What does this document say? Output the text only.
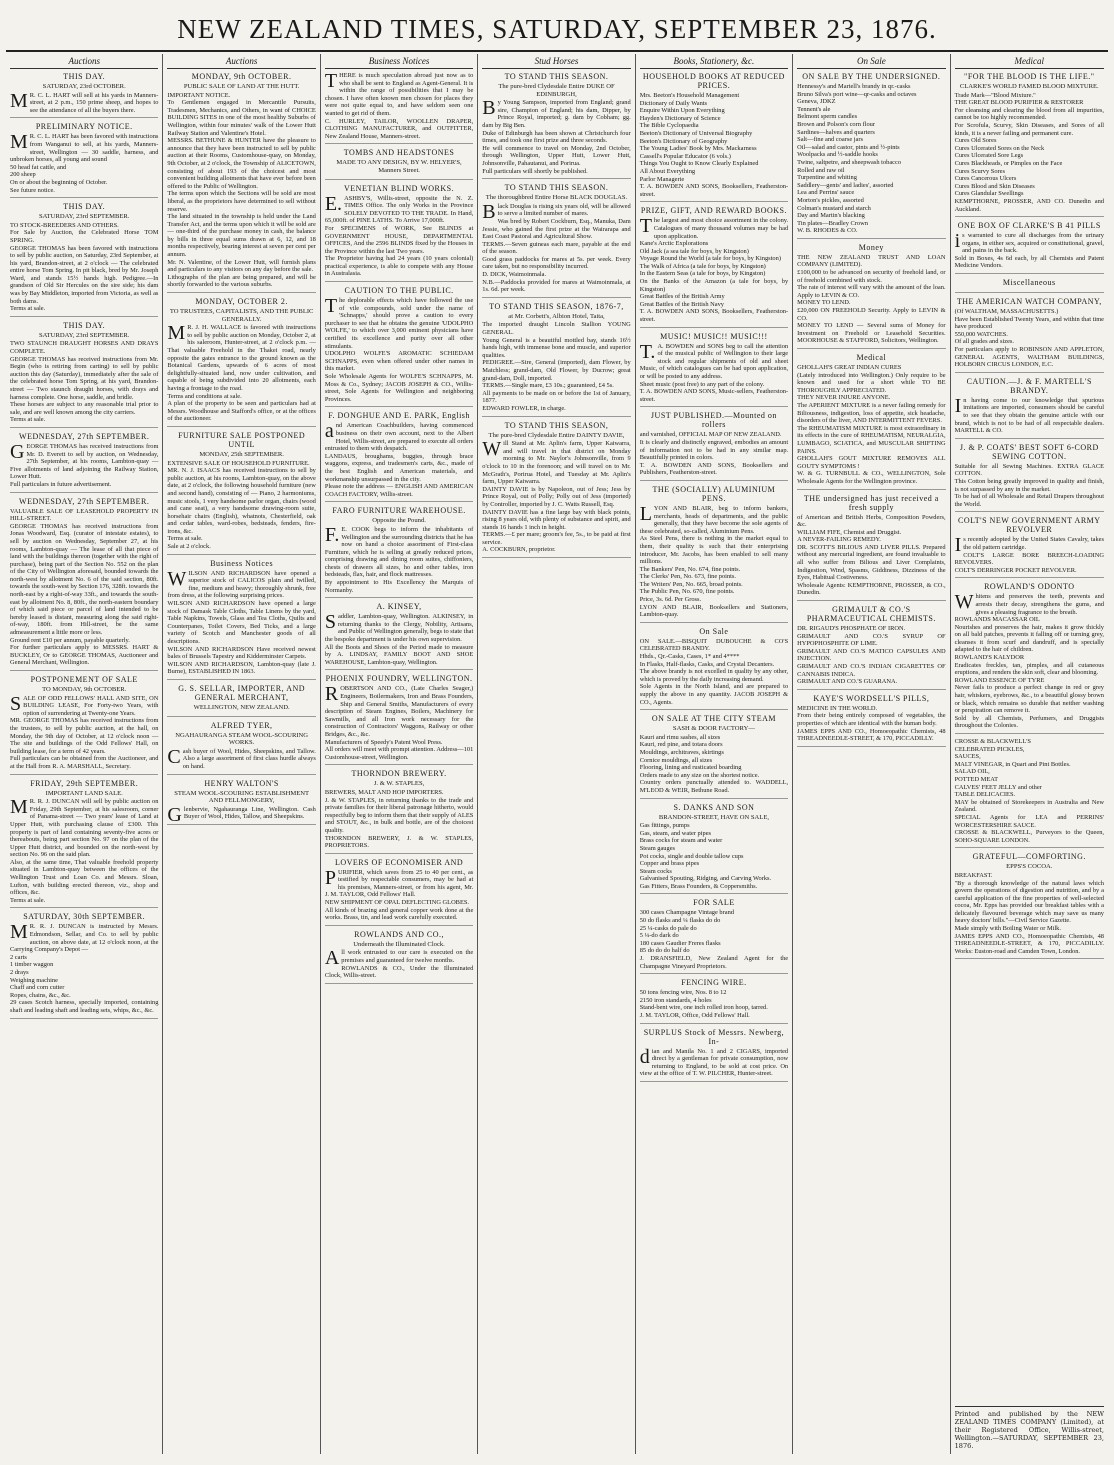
NEW ZEALAND TIMES, SATURDAY, SEPTEMBER 23, 1876.
Auctions
THIS DAY.
SATURDAY, 23rd OCTOBER.
MR. C. L. HART will sell at his yards in Manners-street, at 2 p.m., 150 prime sheep, and hopes to see the attendance of all the buyers there.
PRELIMINARY NOTICE.
MR. C. L. HART has been favored with instructions from Wanganui to sell, at his yards, Manners-street, Wellington — 30 saddle, harness, and unbroken horses, all young and sound
50 head fat cattle, and
200 sheep
On or about the beginning of October.
See future notice.
THIS DAY.
SATURDAY, 23rd SEPTEMBER.
TO STOCK-BREEDERS AND OTHERS.
For Sale by Auction, the Celebrated Horse TOM SPRING.
GEORGE THOMAS has been favored with instructions to sell by public auction, on Saturday, 23rd September, at his yard, Brandon-street, at 2 o'clock — The celebrated entire horse Tom Spring. In pit black, bred by Mr. Joseph Ward, and stands 15½ hands high. Pedigree.—In grandson of Old Sir Hercules on the sire side; his dam was by Bay Middleton, imported from Victoria, as well as both dams.
Terms at sale.
THIS DAY.
SATURDAY, 23rd SEPTEMBER.
TWO STAUNCH DRAUGHT HORSES AND DRAYS COMPLETE.
GEORGE THOMAS has received instructions from Mr. Begin (who is retiring from carting) to sell by public auction this day (Saturday), immediately after the sale of the celebrated horse Tom Spring, at his yard, Brandon-street — Two staunch draught horses, with drays and harness complete. One horse, saddle, and bridle.
These horses are subject to any reasonable trial prior to sale, and are well known among the city carriers.
Terms at sale.
WEDNESDAY, 27th SEPTEMBER.
GEORGE THOMAS has received instructions from Mr. D. Everett to sell by auction, on Wednesday, 27th September, at his rooms, Lambton-quay — Five allotments of land adjoining the Railway Station, Lower Hutt.
Full particulars in future advertisement.
WEDNESDAY, 27th SEPTEMBER.
VALUABLE SALE OF LEASEHOLD PROPERTY IN HILL-STREET.
GEORGE THOMAS has received instructions from Jonas Woodward, Esq. (curator of intestate estates), to sell by auction on Wednesday, September 27, at his rooms, Lambton-quay — The lease of all that piece of land with the buildings thereon (together with the right of purchase), being part of the Section No. 552 on the plan of the City of Wellington aforesaid, bounded towards the north-west by allotment No. 6 of the said section, 80ft. towards the south-west by Section 176, 328ft. towards the north-east by a right-of-way 33ft., and towards the south-east by allotment No. 8, 80ft., the north-eastern boundary of which said piece or parcel of land intended to be hereby leased is distant, measuring along the said right-of-way, 180ft. from Hill-street, be the same admeasurement a little more or less.
Ground rent £10 per annum, payable quarterly.
For further particulars apply to MESSRS. HART & BUCKLEY, Or to GEORGE THOMAS, Auctioneer and General Merchant, Wellington.
POSTPONEMENT OF SALE
TO MONDAY, 9th OCTOBER.
SALE OF ODD FELLOWS' HALL AND SITE, ON BUILDING LEASE, For Forty-two Years, with option of surrendering at Twenty-one Years.
MR. GEORGE THOMAS has received instructions from the trustees, to sell by public auction, at the hall, on Monday, the 9th day of October, at 12 o'clock noon — The site and buildings of the Odd Fellows' Hall, on building lease, for a term of 42 years.
Full particulars can be obtained from the Auctioneer, and at the Hall from R. A. MARSHALL, Secretary.
FRIDAY, 29th SEPTEMBER.
IMPORTANT LAND SALE.
MR. R. J. DUNCAN will sell by public auction on Friday, 29th September, at his salesroom, corner of Panama-street — Two years' lease of Land at Upper Hutt, with purchasing clause of £300. This property is part of land containing seventy-five acres or thereabouts, being part section No. 97 on the plan of the Upper Hutt district, and bounded on the north-west by section No. 96 on the said plan.
Also, at the same time, That valuable freehold property situated in Lambton-quay between the offices of the Wellington Trust and Loan Co. and Messrs. Sloan, Lufton, with building erected thereon, viz., shop and offices, &c.
Terms at sale.
SATURDAY, 30th SEPTEMBER.
MR. R. J. DUNCAN is instructed by Messrs. Edmondson, Sellar, and Co. to sell by public auction, on above date, at 12 o'clock noon, at the Carrying Company's Depot —
2 carts
1 timber waggon
2 drays
Weighing machine
Chaff and corn cutter
Ropes, chains, &c., &c.
29 cases Scotch harness, specially imported, containing shaft and leading shaft and leading sets, whips, &c., &c.
Auctions
MONDAY, 9th OCTOBER.
PUBLIC SALE OF LAND AT THE HUTT.
IMPORTANT NOTICE.
To Gentlemen engaged in Mercantile Pursuits, Tradesmen, Mechanics, and Others, in want of CHOICE BUILDING SITES in one of the most healthy Suburbs of Wellington, within four minutes' walk of the Lower Hutt Railway Station and Valentine's Hotel.
MESSRS. BETHUNE & HUNTER have the pleasure to announce that they have been instructed to sell by public auction at their Rooms, Customhouse-quay, on Monday, 9th October, at 2 o'clock, the Township of ALICETOWN, consisting of about 193 of the choicest and most convenient building allotments that have ever before been offered to the Public of Wellington.
The terms upon which the Sections will be sold are most liberal, as the proprietors have determined to sell without reserve.
The land situated in the township is held under the Land Transfer Act, and the terms upon which it will be sold are — one-third of the purchase money in cash, the balance by bills in three equal sums drawn at 6, 12, and 18 months respectively, bearing interest at seven per cent per annum.
Mr. N. Valentine, of the Lower Hutt, will furnish plans and particulars to any visitors on any day before the sale.
Lithographs of the plan are being prepared, and will be shortly forwarded to the various suburbs.
MONDAY, OCTOBER 2.
TO TRUSTEES, CAPITALISTS, AND THE PUBLIC GENERALLY.
MR. J. H. WALLACE is favored with instructions to sell by public auction on Monday, October 2, at his saleroom, Hunter-street, at 2 o'clock p.m. — That valuable Freehold in the Thakei road, nearly opposite the gates entrance to the ground known as the Botanical Gardens, upwards of 6 acres of most delightfully-situated land, now under cultivation, and capable of being subdivided into 20 allotments, each having a frontage to the road.
Terms and conditions at sale.
A plan of the property to be seen and particulars had at Messrs. Woodhouse and Stafford's office, or at the offices of the auctioneer.
FURNITURE SALE POSTPONED UNTIL
MONDAY, 25th SEPTEMBER.
EXTENSIVE SALE OF HOUSEHOLD FURNITURE.
MR. N. J. ISAACS has received instructions to sell by public auction, at his rooms, Lambton-quay, on the above date, at 2 o'clock, the following household furniture (new and second hand), consisting of — Piano, 2 harmoniums, music stools, 1 very handsome parlor organ, chairs (wood and cane seat), a very handsome drawing-room suite, horsehair chairs (English), whatnots, Chesterfield, oak and cedar tables, ward-robes, bedsteads, fenders, fire-irons, &c.
Terms at sale.
Sale at 2 o'clock.
Business Notices
WILSON AND RICHARDSON have opened a superior stock of CALICOS plain and twilled, fine, medium and heavy; thoroughly shrunk, free from dress, at the following surprising prices.
WILSON AND RICHARDSON have opened a large stock of Damask Table Cloths, Table Linens by the yard, Table Napkins, Towels, Glass and Tea Cloths, Quilts and Counterpanes, Toilet Covers, Bed Ticks, and a large variety of Scotch and Manchester goods of all descriptions.
WILSON AND RICHARDSON Have received newest bales of Brussels Tapestry and Kidderminster Carpets.
WILSON AND RICHARDSON, Lambton-quay (late J. Burne), ESTABLISHED IN 1863.
G. S. SELLAR, IMPORTER, AND GENERAL MERCHANT,
WELLINGTON, NEW ZEALAND.
ALFRED TYER,
NGAHAURANGA STEAM WOOL-SCOURING WORKS.
Cash buyer of Wool, Hides, Sheepskins, and Tallow. Also a large assortment of first class hurdle always on hand.
HENRY WALTON'S
STEAM WOOL-SCOURING ESTABLISHMENT AND FELLMONGERY,
Glenbervie, Ngahauranga Line, Wellington. Cash Buyer of Wool, Hides, Tallow, and Sheepskins.
Business Notices
THERE is much speculation abroad just now as to who shall be sent to England as Agent-General. It is within the range of possibilities that I may be chosen. I have often known men chosen for places they were not quite equal to, and have seldom seen one wanted to get rid of them.
C. HURLEY, TAILOR, WOOLLEN DRAPER, CLOTHING MANUFACTURER, and OUTFITTER, New Zealand House, Manners-street.
TOMBS AND HEADSTONES
MADE TO ANY DESIGN, BY W. HELYER'S, Manners Street.
VENETIAN BLIND WORKS.
E.ASHBY'S, Willis-street, opposite the N. Z. TIMES Office. The only Works in the Province SOLELY DEVOTED TO THE TRADE. In Hand, 65,000ft. of PINE LATHS. To Arrive 17,000ft.
For SPECIMENS of WORK, See BLINDS at GOVERNMENT HOUSE, DEPARTMENTAL OFFICES, And the 2596 BLINDS fixed by the Houses in the Province within the last Two years.
The Proprietor having had 24 years (10 years colonial) practical experience, is able to compete with any House in Australasia.
CAUTION TO THE PUBLIC.
The deplorable effects which have followed the use of vile compounds, sold under the name of 'Schnapps,' should prove a caution to every purchaser to see that he obtains the genuine 'UDOLPHO WOLFE,' to which over 3,000 eminent physicians have certified its excellence and purity over all other stimulants.
UDOLPHO WOLFE'S AROMATIC SCHIEDAM SCHNAPPS, even when offered under other names in this market.
Sole Wholesale Agents for WOLFE'S SCHNAPPS, M. Moss & Co., Sydney; JACOB JOSEPH & CO., Willis-street, Sole Agents for Wellington and neighboring Provinces.
F. DONGHUE AND E. PARK, English
and American Coachbuilders, having commenced business on their own account, next to the Albert Hotel, Willis-street, are prepared to execute all orders entrusted to them with despatch.
LANDAUS, broughams, buggies, through brace waggons, express, and tradesmen's carts, &c., made of the best English and American materials, and workmanship unsurpassed in the city.
Please note the address — ENGLISH AND AMERICAN COACH FACTORY, Willis-street.
FARO FURNITURE WAREHOUSE.
Opposite the Pound.
F.E. COOK begs to inform the inhabitants of Wellington and the surrounding districts that he has now on hand a choice assortment of First-class Furniture, which he is selling at greatly reduced prices, comprising drawing and dining room suites, chiffoniers, chests of drawers all sizes, ho and other tables, iron bedsteads, flax, hair, and flock mattresses.
By appointment to His Excellency the Marquis of Normanby.
A. KINSEY,
Saddler, Lambton-quay, Wellington. ALKINSEY, in returning thanks to the Clergy, Nobility, Artisans, and Public of Wellington generally, begs to state that the bespoke department is under his own supervision.
All the Boots and Shoes of the Period made to measure by A. LINDSAY, FAMILY BOOT AND SHOE WAREHOUSE, Lambton-quay, Wellington.
PHOENIX FOUNDRY, WELLINGTON.
ROBERTSON AND CO., (Late Charles Seager,) Engineers, Boilermakers, Iron and Brass Founders, Ship and General Smiths, Manufacturers of every description of Steam Engines, Boilers, Machinery for Sawmills, and all Iron work necessary for the construction of Contractors' Waggons, Railway or other Bridges, &c., &c.
Manufacturers of Speedy's Patent Wool Press.
All orders will meet with prompt attention. Address—101 Customhouse-street, Wellington.
THORNDON BREWERY.
J. & W. STAPLES,
BREWERS, MALT AND HOP IMPORTERS.
J. & W. STAPLES, in returning thanks to the trade and private families for their liberal patronage hitherto, would respectfully beg to inform them that their supply of ALES and STOUT, &c., in bulk and bottle, are of the choicest quality.
THORNDON BREWERY, J. & W. STAPLES, PROPRIETORS.
LOVERS OF ECONOMISER AND
PURIFIER, which saves from 25 to 40 per cent., as testified by respectable consumers, may be had at his premises, Manners-street, or from his agent, Mr. J. M. TAYLOR, Odd Fellows' Hall.
NEW SHIPMENT OF OPAL DEFLECTING GLOBES.
All kinds of brazing and general copper work done at the works. Brass, tin, and lead work carefully executed.
ROWLANDS AND CO.,
Underneath the Illuminated Clock.
All work entrusted to our care is executed on the premises and guaranteed for twelve months.
ROWLANDS & CO., Under the Illuminated Clock, Willis-street.
Stud Horses
TO STAND THIS SEASON.
The pure-bred Clydesdale Entire DUKE OF EDINBURGH,
By Young Sampson, imported from England; grand sire, Champion of England; his dam, Dipper, by Prince Royal, imported; g. dam by Cobham; gg. dam by Big Ben.
Duke of Edinburgh has been shown at Christchurch four times, and took one first prize and three seconds.
He will commence to travel on Monday, 2nd October, through Wellington, Upper Hutt, Lower Hutt, Johnsonville, Pahautanui, and Porirua.
Full particulars will shortly be published.
TO STAND THIS SEASON.
The thoroughbred Entire Horse BLACK DOUGLAS.
Black Douglas is rising six years old, will be allowed to serve a limited number of mares.
Was bred by Robert Cockburn, Esq., Manuka, Dam Jessie, who gained the first prize at the Wairarapa and East Coast Pastoral and Agricultural Show.
TERMS.—Seven guineas each mare, payable at the end of the season.
Good grass paddocks for mares at 5s. per week. Every care taken, but no responsibility incurred.
D. DICK, Waimoinmala.
N.B.—Paddocks provided for mares at Waimoinmala, at 1s. 6d. per week.
TO STAND THIS SEASON, 1876-7,
at Mr. Corbett's, Albion Hotel, Taita,
The imported draught Lincoln Stallion YOUNG GENERAL.
Young General is a beautiful mottled bay, stands 16½ hands high, with immense bone and muscle, and superior qualities.
PEDIGREE.—Sire, General (imported), dam Flower, by Matchless; grand-dam, Old Flower, by Ducrow; great grand-dam, Doll, imported.
TERMS.—Single mare, £3 10s.; guaranteed, £4 5s.
All payments to be made on or before the 1st of January, 1877.
EDWARD FOWLER, in charge.
TO STAND THIS SEASON,
The pure-bred Clydesdale Entire DAINTY DAVIE,
Will Stand at Mr. Aplin's farm, Upper Kaiwarra, and will travel in that district on Monday morning to Mr. Naylor's Johnsonville, from 9 o'clock to 10 in the forenoon; and will travel on to Mr. McGrath's, Porirua Hotel, and Tuesday at Mr. Aplin's farm, Upper Kaiwarra.
DAINTY DAVIE is by Napoleon, out of Jess; Jess by Prince Royal, out of Polly; Polly out of Jess (imported) by Controller, imported by J. C. Watts Russell, Esq.
DAINTY DAVIE has a fine large bay with black points, rising 8 years old, with plenty of substance and spirit, and stands 16 hands 1 inch in height.
TERMS.—£ per mare; groom's fee, 5s., to be paid at first service.
A. COCKBURN, proprietor.
Books, Stationery, &c.
HOUSEHOLD BOOKS AT REDUCED PRICES.
Mrs. Beeton's Household Management
Dictionary of Daily Wants
Enquire Within Upon Everything
Hayden's Dictionary of Science
The Bible Cyclopaedia
Beeton's Dictionary of Universal Biography
Beeton's Dictionary of Geography
The Young Ladies' Book by Mrs. Mackarness
Cassell's Popular Educator (6 vols.)
Things You Ought to Know Clearly Explained
All About Everything
Parlor Managerie
T. A. BOWDEN AND SONS, Booksellers, Featherston-street.
PRIZE, GIFT, AND REWARD BOOKS.
The largest and most choice assortment in the colony. Catalogues of many thousand volumes may be had upon application.
Kane's Arctic Explorations
Old Jack (a sea tale for boys, by Kingston)
Voyage Round the World (a tale for boys, by Kingston)
The Walk of Africa (a tale for boys, by Kingston)
In the Eastern Seas (a tale for boys, by Kingston)
On the Banks of the Amazon (a tale for boys, by Kingston)
Great Battles of the British Army
Great Battles of the British Navy
T. A. BOWDEN AND SONS, Booksellers, Featherston-street.
MUSIC! MUSIC!! MUSIC!!!
T.A. BOWDEN and SONS beg to call the attention of the musical public of Wellington to their large stock and regular shipments of old and sheet Music, of which catalogues can be had upon application, or will be posted to any address.
Sheet music (post free) to any part of the colony.
T. A. BOWDEN AND SONS, Music-sellers, Featherston-street.
JUST PUBLISHED.—Mounted on rollers
and varnished, OFFICIAL MAP OF NEW ZEALAND.
It is clearly and distinctly engraved, embodies an amount of information not to be had in any similar map. Beautifully printed in colors.
T. A. BOWDEN AND SONS, Booksellers and Publishers, Featherston-street.
THE (SOCIALLY) ALUMINIUM PENS.
LYON AND BLAIR, beg to inform bankers, merchants, heads of departments, and the public generally, that they have become the sole agents of these celebrated, so-called, Aluminium Pens.
As Steel Pens, there is nothing in the market equal to them, their quality is such that their enterprising introducer, Mr. Jacobs, has been enabled to sell many millions.
The Bankers' Pen, No. 674, fine points.
The Clerks' Pen, No. 673, fine points.
The Writers' Pen, No. 665, broad points.
The Public Pen, No. 670, fine points.
Price, 3s. 6d. Per Gross.
LYON AND BLAIR, Booksellers and Stationers, Lambton-quay.
On Sale
ON SALE.—BISQUIT DUBOUCHE & CO'S CELEBRATED BRANDY.
Hhds., Qr.-Casks, Cases, 1* and 4****
In Flasks, Half-flasks, Casks, and Crystal Decanters.
The above brandy is not excelled in quality by any other, which is proved by the daily increasing demand.
Sole Agents in the North Island, and are prepared to supply the above in any quantity. JACOB JOSEPH & CO., Agents.
ON SALE AT THE CITY STEAM
SASH & DOOR FACTORY—
Kauri and rimu sashes, all sizes
Kauri, red pine, and totara doors
Mouldings, architraves, skirtings
Cornice mouldings, all sizes
Flooring, lining and rusticated boarding
Orders made to any size on the shortest notice.
Country orders punctually attended to. WADDELL, M'LEOD & WEIR, Bethune Road.
S. DANKS AND SON
BRANDON-STREET, HAVE ON SALE,
Gas fittings, pumps
Gas, steam, and water pipes
Brass cocks for steam and water
Steam gauges
Pot cocks, single and double tallow cups
Copper and brass pipes
Steam cocks
Galvanised Spouting, Ridging, and Carving Works.
Gas Fitters, Brass Founders, & Coppersmiths.
FOR SALE
300 cases Champagne Vintage brand
50 do flasks and ¼ flasks do do
25 ¼-casks do pale do
5 ¼-do dark do
180 cases Gaudier Freres flasks
85 do do do half do
J. DRANSFIELD, New Zealand Agent for the Champagne Vineyard Proprietors.
FENCING WIRE.
50 tons fencing wire, Nos. 8 to 12
2150 iron standards, 4 holes
Stand-bent wire, one inch rolled iron hoop, tarred.
J. M. TAYLOR, Office, Odd Fellows' Hall.
SURPLUS Stock of Messrs. Newberg, In-
dian and Manila No. 1 and 2 CIGARS, imported direct by a gentleman for private consumption, now returning to England, to be sold at cost price. On view at the office of T. W. PILCHER, Hunter-street.
On Sale
ON SALE BY THE UNDERSIGNED.
Hennessy's and Martell's brandy in qr.-casks
Bruno Silva's port wine—qr-casks and octaves
Geneva, JDKZ
Tennent's ale
Belmont sperm candles
Brown and Polson's corn flour
Sardines—halves and quarters
Salt—fine and coarse jars
Oil—salad and castor, pints and ½-pints
Woolpacks and ½-saddle hooks
Twine, saltpetre, and sheepwash tobacco
Rolled and raw oil
Turpentine and whiting
Saddlery—gents' and ladies', assorted
Lea and Perrins' sauce
Morton's pickles, assorted
Colman's mustard and starch
Day and Martin's blacking
Tin plates—Bradley Crown
W. B. RHODES & CO.
Money
THE NEW ZEALAND TRUST AND LOAN COMPANY (LIMITED).
£100,000 to be advanced on security of freehold land, or of freehold combined with stock.
The rate of interest will vary with the amount of the loan. Apply to LEVIN & CO.
MONEY TO LEND.
£20,000 ON FREEHOLD Security. Apply to LEVIN & CO.
MONEY TO LEND — Several sums of Money for Investment on Freehold or Leasehold Securities. MOORHOUSE & STAFFORD, Solicitors, Wellington.
Medical
GHOLLAH'S GREAT INDIAN CURES
(Lately introduced into Wellington.) Only require to be known and used for a short while TO BE THOROUGHLY APPRECIATED.
THEY NEVER INJURE ANYONE.
The APERIENT MIXTURE is a never failing remedy for Biliousness, indigestion, loss of appetite, sick headache, disorders of the liver, AND INTERMITTENT FEVERS.
The RHEUMATISM MIXTURE is most extraordinary in its effects in the cure of RHEUMATISM, NEURALGIA, LUMBAGO, SCIATICA, and MUSCULAR SHIFTING PAINS.
GHOLLAH'S GOUT MIXTURE REMOVES ALL GOUTY SYMPTOMS !
W. & G. TURNBULL & CO., WELLINGTON, Sole Wholesale Agents for the Wellington province.
THE undersigned has just received a fresh supply
of American and British Herbs, Composition Powders, &c.
WILLIAM FIFE, Chemist and Druggist.
A NEVER-FAILING REMEDY.
DR. SCOTT'S BILIOUS AND LIVER PILLS. Prepared without any mercurial ingredient, are found invaluable to all who suffer from Bilious and Liver Complaints, Indigestion, Wind, Spasms, Giddiness, Dizziness of the Eyes, Habitual Costiveness.
Wholesale Agents: KEMPTHORNE, PROSSER, & CO., Dunedin.
GRIMAULT & CO.'S PHARMACEUTICAL CHEMISTS.
DR. RIGAUD'S PHOSPHATE OF IRON.
GRIMAULT AND CO.'S SYRUP OF HYPOPHOSPHITE OF LIME.
GRIMAULT AND CO.'S MATICO CAPSULES AND INJECTION.
GRIMAULT AND CO.'S INDIAN CIGARETTES OF CANNABIS INDICA.
GRIMAULT AND CO.'S GUARANA.
KAYE'S WORDSELL'S PILLS,
MEDICINE IN THE WORLD.
From their being entirely composed of vegetables, the properties of which are identical with the human body.
JAMES EPPS AND CO., Homoeopathic Chemists, 48 THREADNEEDLE-STREET, & 170, PICCADILLY.
Medical
"FOR THE BLOOD IS THE LIFE."
CLARKE'S WORLD FAMED BLOOD MIXTURE.
Trade Mark—"Blood Mixture."
THE GREAT BLOOD PURIFIER & RESTORER
For cleansing and clearing the blood from all impurities, cannot be too highly recommended.
For Scrofula, Scurvy, Skin Diseases, and Sores of all kinds, it is a never failing and permanent cure.
Cures Old Sores
Cures Ulcerated Sores on the Neck
Cures Ulcerated Sore Legs
Cures Blackheads, or Pimples on the Face
Cures Scurvy Sores
Cures Cancerous Ulcers
Cures Blood and Skin Diseases
Cures Glandular Swellings
KEMPTHORNE, PROSSER, AND CO. Dunedin and Auckland.
ONE BOX OF CLARKE'S B 41 PILLS
is warranted to cure all discharges from the urinary organs, in either sex, acquired or constitutional, gravel, and pains in the back.
Sold in Boxes, 4s 6d each, by all Chemists and Patent Medicine Vendors.
Miscellaneous
THE AMERICAN WATCH COMPANY,
(Of WALTHAM, MASSACHUSETTS.)
Have been Established Twenty Years, and within that time have produced
550,000 WATCHES.
Of all grades and sizes.
For particulars apply to ROBINSON AND APPLETON, GENERAL AGENTS, WALTHAM BUILDINGS, HOLBORN CIRCUS LONDON, E.C.
CAUTION.—J. & F. MARTELL'S BRANDY.
In having come to our knowledge that spurious imitations are imported, consumers should be careful to see that they obtain the genuine article with our brand, which is not to be had of all respectable dealers. MARTELL & CO.
J. & P. COATS' BEST SOFT 6-CORD SEWING COTTON.
Suitable for all Sewing Machines. EXTRA GLACE COTTON.
This Cotton being greatly improved in quality and finish, is not surpassed by any in the market.
To be had of all Wholesale and Retail Drapers throughout the World.
COLT'S NEW GOVERNMENT ARMY REVOLVER
Is recently adopted by the United States Cavalry, takes the old pattern cartridge.
COLT'S LARGE BORE BREECH-LOADING REVOLVERS.
COLT'S DERRINGER POCKET REVOLVER.
ROWLAND'S ODONTO
Whitens and preserves the teeth, prevents and arrests their decay, strengthens the gums, and gives a pleasing fragrance to the breath.
ROWLANDS MACASSAR OIL
Nourishes and preserves the hair, makes it grow thickly on all bald patches, prevents it falling off or turning grey, cleanses it from scurf and dandruff, and is specially adapted to the hair of children.
ROWLAND'S KALYDOR
Eradicates freckles, tan, pimples, and all cutaneous eruptions, and renders the skin soft, clear and blooming.
ROWLAND ESSENCE OF TYRE
Never fails to produce a perfect change in red or grey hair, whiskers, eyebrows, &c., to a beautiful glossy brown or black, which remains so durable that neither washing or perspiration can remove it.
Sold by all Chemists, Perfumers, and Druggists throughout the Colonies.
CROSSE & BLACKWELL'S
CELEBRATED PICKLES,
SAUCES,
MALT VINEGAR, in Quart and Pint Bottles.
SALAD OIL,
POTTED MEAT
CALVES' FEET JELLY and other
TABLE DELICACIES.
MAY be obtained of Storekeepers in Australia and New Zealand.
SPECIAL Agents for LEA and PERRINS' WORCESTERSHIRE SAUCE.
CROSSE & BLACKWELL, Purveyors to the Queen, SOHO-SQUARE LONDON.
GRATEFUL—COMFORTING.
EPPS'S COCOA.
BREAKFAST.
"By a thorough knowledge of the natural laws which govern the operations of digestion and nutrition, and by a careful application of the fine properties of well-selected cocoa, Mr. Epps has provided our breakfast tables with a delicately flavoured beverage which may save us many heavy doctors' bills."—Civil Service Gazette.
Made simply with Boiling Water or Milk.
JAMES EPPS AND CO., Homoeopathic Chemists, 48 THREADNEEDLE-STREET, & 170, PICCADILLY. Works: Euston-road and Camden Town, London.
Printed and published by the NEW ZEALAND TIMES COMPANY (Limited), at their Registered Office, Willis-street, Wellington.—SATURDAY, SEPTEMBER 23, 1876.
